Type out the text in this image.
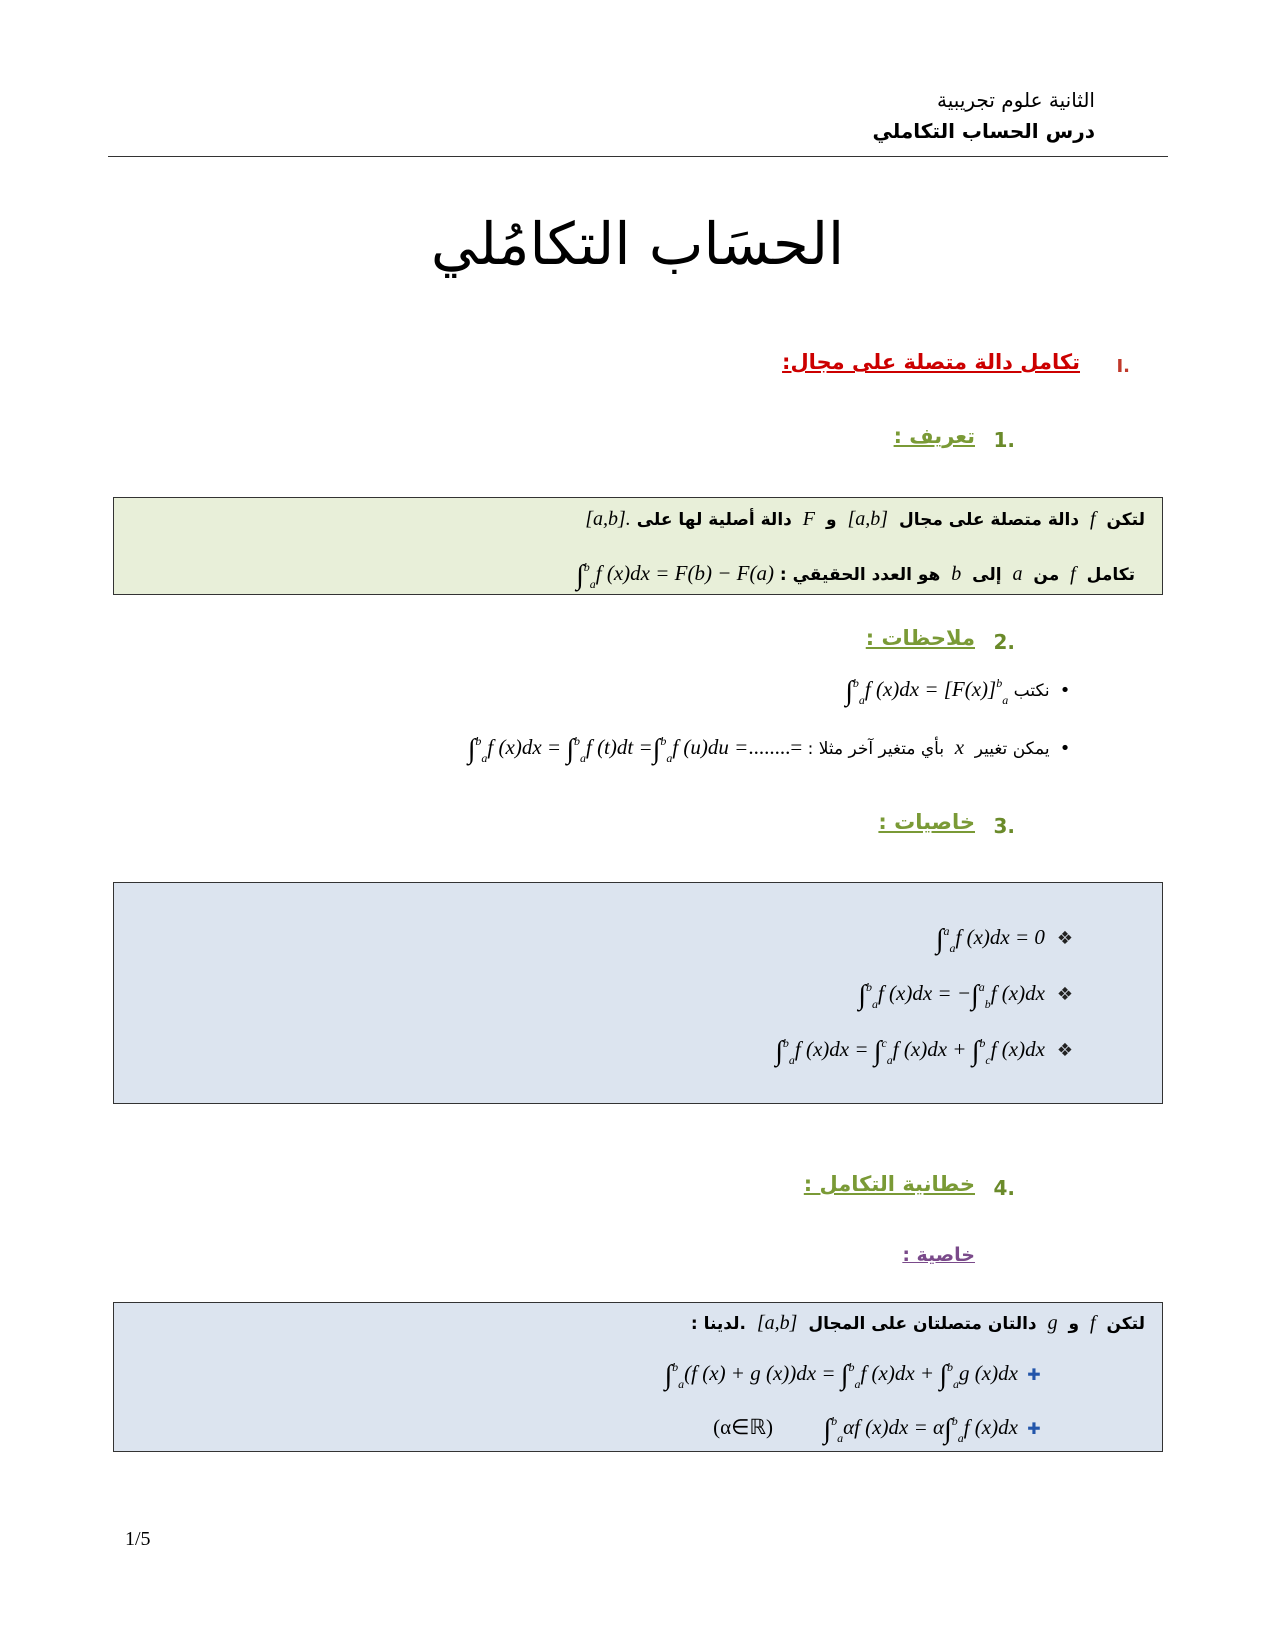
الثانية علوم تجريبية
درس الحساب التكاملي
الحسَاب التكامُلي
I.
تكامل دالة متصلة على مجال:
1.
تعريف :
لتكن  f  دالة متصلة على مجال  [a,b]  و  F  دالة أصلية لها على  [a,b].
تكامل  f  من  a  إلى  b  هو العدد الحقيقي :  ∫$^b_a$f (x)dx = F(b) − F(a)
2.
ملاحظات :
• نكتب  ∫$^b_a$f $(x)dx = [F(x)]^b_a$
• يمكن تغيير  x  بأي متغير آخر مثلا :  ∫$^b_a$f (x)dx = ∫$^b_a$f (t)dt =∫$^b_a$f (u)du =........=
3.
خاصيات :
❖ ∫$^a_a$f (x)dx = 0
❖ ∫$^b_a$f (x)dx = −∫$^a_b$f (x)dx
❖ ∫$^b_a$f (x)dx = ∫$^c_a$f (x)dx + ∫$^b_c$f (x)dx
4.
خطانية التكامل :
خاصية :
لتكن  f  و  g  دالتان متصلتان على المجال  [a,b]  .لدينا :
✚  ∫$^b_a$(f (x) + g (x))dx = ∫$^b_a$f (x)dx + ∫$^b_a$g (x)dx
✚  ∫$^b_a$αf (x)dx = α∫$^b_a$f (x)dx (α∈ℝ)
1/5
